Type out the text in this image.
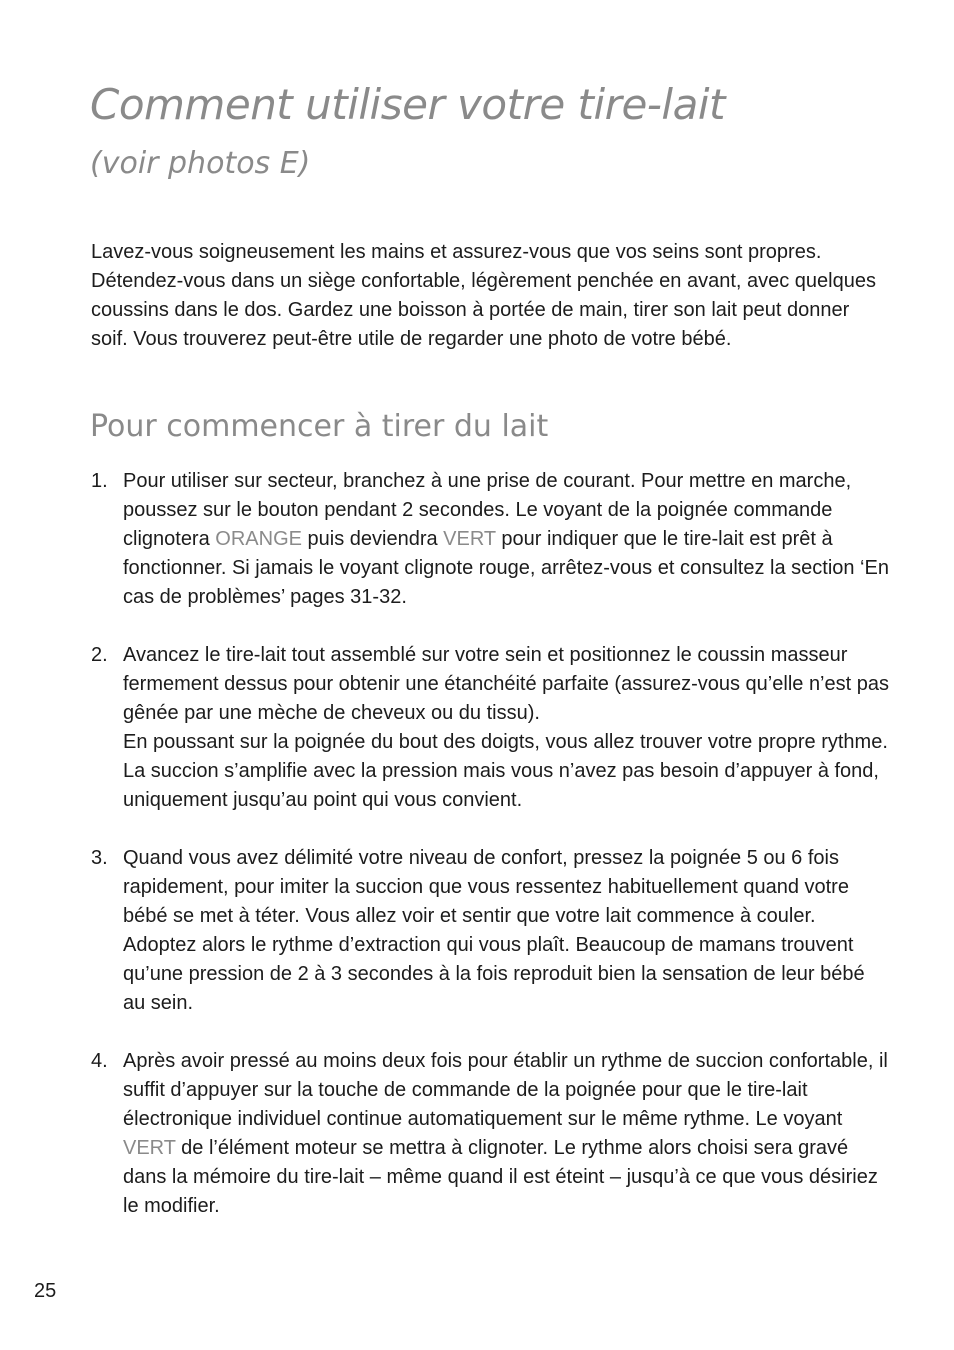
Comment utiliser votre tire-lait
(voir photos E)

Lavez-vous soigneusement les mains et assurez-vous que vos seins sont propres. Détendez-vous dans un siège confortable, légèrement penchée en avant, avec quelques coussins dans le dos. Gardez une boisson à portée de main, tirer son lait peut donner soif. Vous trouverez peut-être utile de regarder une photo de votre bébé.

Pour commencer à tirer du lait
1. Pour utiliser sur secteur, branchez à une prise de courant. Pour mettre en marche, poussez sur le bouton pendant 2 secondes. Le voyant de la poignée commande clignotera ORANGE puis deviendra VERT pour indiquer que le tire-lait est prêt à fonctionner. Si jamais le voyant clignote rouge, arrêtez-vous et consultez la section ‘En cas de problèmes’ pages 31-32.

2. Avancez le tire-lait tout assemblé sur votre sein et positionnez le coussin masseur fermement dessus pour obtenir une étanchéité parfaite (assurez-vous qu’elle n’est pas gênée par une mèche de cheveux ou du tissu).

En poussant sur la poignée du bout des doigts, vous allez trouver votre propre rythme. La succion s’amplifie avec la pression mais vous n’avez pas besoin d’appuyer à fond, uniquement jusqu’au point qui vous convient.

3. Quand vous avez délimité votre niveau de confort, pressez la poignée 5 ou 6 fois rapidement, pour imiter la succion que vous ressentez habituellement quand votre bébé se met à téter. Vous allez voir et sentir que votre lait commence à couler. Adoptez alors le rythme d’extraction qui vous plaît. Beaucoup de mamans trouvent qu’une pression de 2 à 3 secondes à la fois reproduit bien la sensation de leur bébé au sein.

4. Après avoir pressé au moins deux fois pour établir un rythme de succion confortable, il suffit d’appuyer sur la touche de commande de la poignée pour que le tire-lait électronique individuel continue automatiquement sur le même rythme. Le voyant VERT de l’élément moteur se mettra à clignoter. Le rythme alors choisi sera gravé dans la mémoire du tire-lait – même quand il est éteint – jusqu’à ce que vous désiriez le modifier.

25
